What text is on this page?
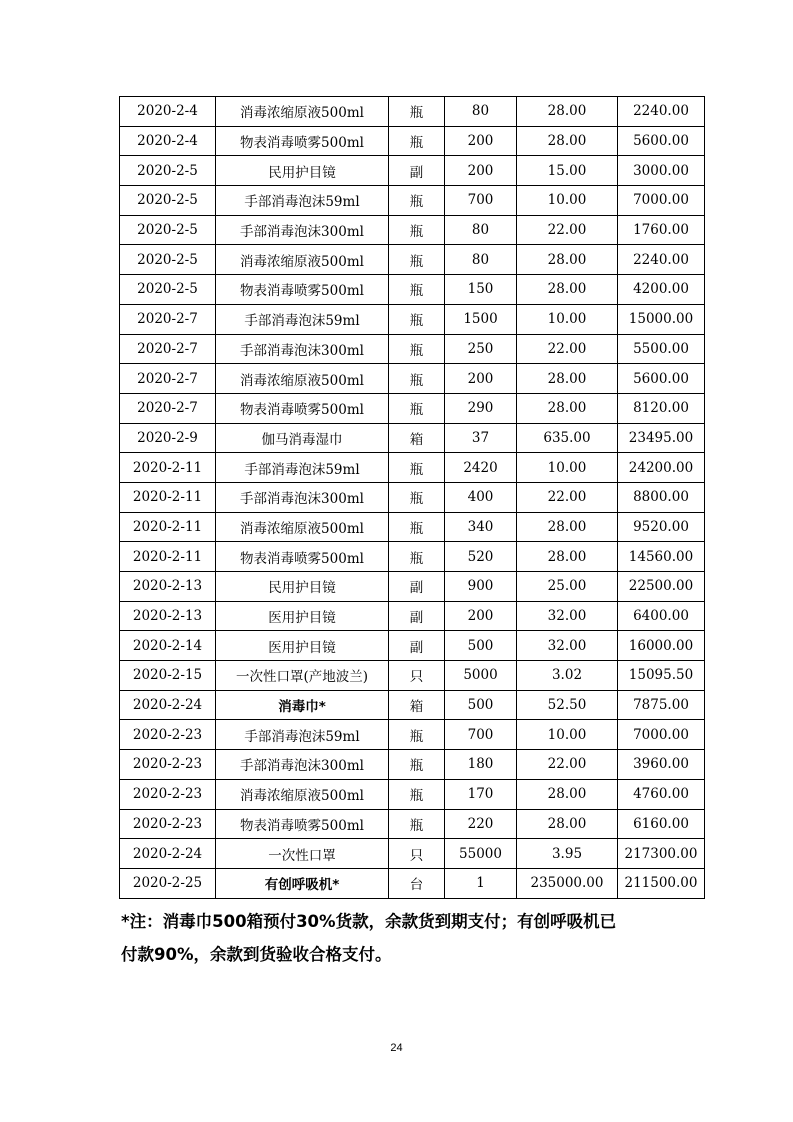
2020-2-4	消毒浓缩原液500ml	瓶	80	28.00	2240.00
2020-2-4	物表消毒喷雾500ml	瓶	200	28.00	5600.00
2020-2-5	民用护目镜	副	200	15.00	3000.00
2020-2-5	手部消毒泡沫59ml	瓶	700	10.00	7000.00
2020-2-5	手部消毒泡沫300ml	瓶	80	22.00	1760.00
2020-2-5	消毒浓缩原液500ml	瓶	80	28.00	2240.00
2020-2-5	物表消毒喷雾500ml	瓶	150	28.00	4200.00
2020-2-7	手部消毒泡沫59ml	瓶	1500	10.00	15000.00
2020-2-7	手部消毒泡沫300ml	瓶	250	22.00	5500.00
2020-2-7	消毒浓缩原液500ml	瓶	200	28.00	5600.00
2020-2-7	物表消毒喷雾500ml	瓶	290	28.00	8120.00
2020-2-9	伽马消毒湿巾	箱	37	635.00	23495.00
2020-2-11	手部消毒泡沫59ml	瓶	2420	10.00	24200.00
2020-2-11	手部消毒泡沫300ml	瓶	400	22.00	8800.00
2020-2-11	消毒浓缩原液500ml	瓶	340	28.00	9520.00
2020-2-11	物表消毒喷雾500ml	瓶	520	28.00	14560.00
2020-2-13	民用护目镜	副	900	25.00	22500.00
2020-2-13	医用护目镜	副	200	32.00	6400.00
2020-2-14	医用护目镜	副	500	32.00	16000.00
2020-2-15	一次性口罩(产地波兰)	只	5000	3.02	15095.50
2020-2-24	消毒巾*	箱	500	52.50	7875.00
2020-2-23	手部消毒泡沫59ml	瓶	700	10.00	7000.00
2020-2-23	手部消毒泡沫300ml	瓶	180	22.00	3960.00
2020-2-23	消毒浓缩原液500ml	瓶	170	28.00	4760.00
2020-2-23	物表消毒喷雾500ml	瓶	220	28.00	6160.00
2020-2-24	一次性口罩	只	55000	3.95	217300.00
2020-2-25	有创呼吸机*	台	1	235000.00	211500.00

*注：消毒巾500箱预付30%货款，余款货到期支付；有创呼吸机已

付款90%，余款到货验收合格支付。

24
